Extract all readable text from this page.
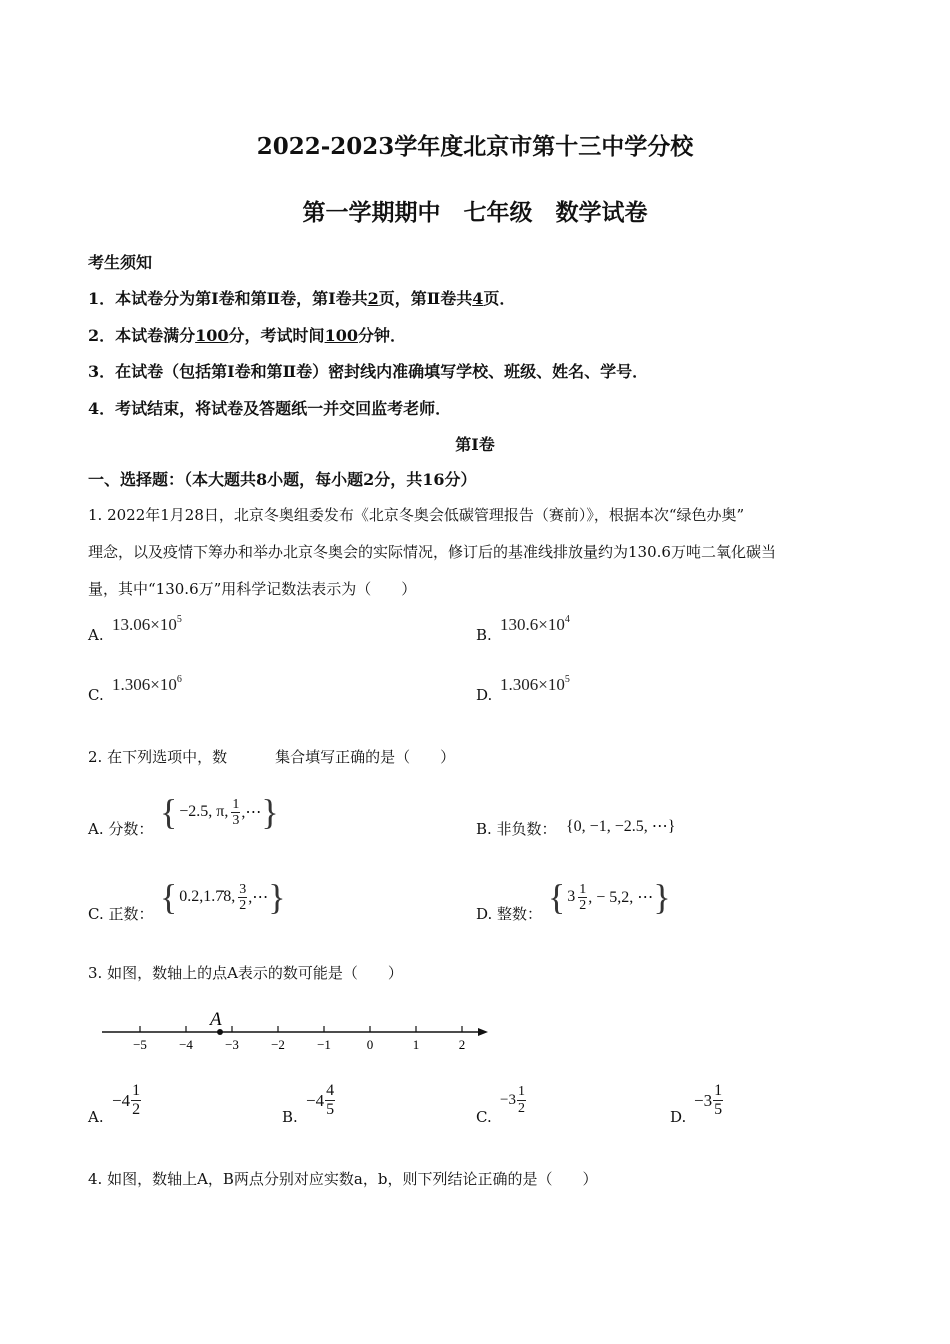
2022-2023学年度北京市第十三中学分校
第一学期期中　七年级　数学试卷
考生须知
1．本试卷分为第Ⅰ卷和第Ⅱ卷，第Ⅰ卷共2页，第Ⅱ卷共4页．
2．本试卷满分100分，考试时间100分钟．
3．在试卷（包括第Ⅰ卷和第Ⅱ卷）密封线内准确填写学校、班级、姓名、学号．
4．考试结束，将试卷及答题纸一并交回监考老师．
第Ⅰ卷
一、选择题：（本大题共8小题，每小题2分，共16分）
1. 2022年1月28日，北京冬奥组委发布《北京冬奥会低碳管理报告（赛前）》，根据本次“绿色办奥”
理念，以及疫情下筹办和举办北京冬奥会的实际情况，修订后的基准线排放量约为130.6万吨二氧化碳当
量，其中“130.6万”用科学记数法表示为（　　）
A.
$13.06\times 10^5$
B.
$130.6\times 10^4$
C.
$1.306\times 10^6$
D.
$1.306\times 10^5$
2. 在下列选项中，数	集合填写正确的是（　　）
A. 分数： { −2.5, π, $\frac{1}{3}$ ,⋯ }	B. 非负数： {0, −1, −2.5, ⋯}
C. 正数： { 0.2,1.7̇8, $\frac{3}{2}$ ,⋯ }	D. 整数： { $3 \frac{1}{2}$ , − 5,2, ⋯ }
3. 如图，数轴上的点A表示的数可能是（　　）
−5 −4 −3 −2 −1	0	1	2
A
A.
$-4 \frac{1}{2}$	B.
$-4 \frac{4}{5}$	C.
$-3 \frac{1}{2}$	D.
$-3 \frac{1}{5}$
4. 如图，数轴上A，B两点分别对应实数a，b，则下列结论正确的是（　　）
